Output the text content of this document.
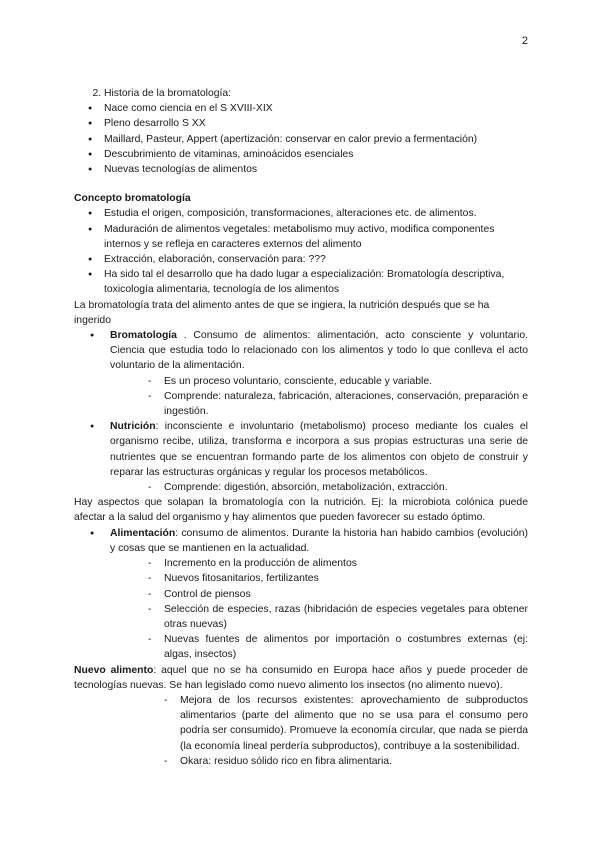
2
2. Historia de la bromatología:
● Nace como ciencia en el S XVIII-XIX
● Pleno desarrollo S XX
● Maillard, Pasteur, Appert (apertización: conservar en calor previo a fermentación)
● Descubrimiento de vitaminas, aminoácidos esenciales
● Nuevas tecnologías de alimentos

Concepto bromatología

● Estudia el origen, composición, transformaciones, alteraciones etc. de alimentos.
● Maduración de alimentos vegetales: metabolismo muy activo, modifica componentes internos y se refleja en caracteres externos del alimento
● Extracción, elaboración, conservación para: ???
● Ha sido tal el desarrollo que ha dado lugar a especialización: Bromatología descriptiva, toxicología alimentaria, tecnología de los alimentos

La bromatología trata del alimento antes de que se ingiera, la nutrición después que se ha ingerido

● Bromatología . Consumo de alimentos: alimentación, acto consciente y voluntario. Ciencia que estudia todo lo relacionado con los alimentos y todo lo que conlleva el acto voluntario de la alimentación.
- Es un proceso voluntario, consciente, educable y variable.
- Comprende: naturaleza, fabricación, alteraciones, conservación, preparación e ingestión.
● Nutrición: inconsciente e involuntario (metabolismo) proceso mediante los cuales el organismo recibe, utiliza, transforma e incorpora a sus propias estructuras una serie de nutrientes que se encuentran formando parte de los alimentos con objeto de construir y reparar las estructuras orgánicas y regular los procesos metabólicos.
- Comprende: digestión, absorción, metabolización, extracción.

Hay aspectos que solapan la bromatología con la nutrición. Ej: la microbiota colónica puede afectar a la salud del organismo y hay alimentos que pueden favorecer su estado óptimo.

● Alimentación: consumo de alimentos. Durante la historia han habido cambios (evolución) y cosas que se mantienen en la actualidad.
- Incremento en la producción de alimentos
- Nuevos fitosanitarios, fertilizantes
- Control de piensos
- Selección de especies, razas (hibridación de especies vegetales para obtener otras nuevas)
- Nuevas fuentes de alimentos por importación o costumbres externas (ej: algas, insectos)

Nuevo alimento: aquel que no se ha consumido en Europa hace años y puede proceder de tecnologías nuevas. Se han legislado como nuevo alimento los insectos (no alimento nuevo).

- Mejora de los recursos existentes: aprovechamiento de subproductos alimentarios (parte del alimento que no se usa para el consumo pero podría ser consumido). Promueve la economía circular, que nada se pierda (la economía lineal perdería subproductos), contribuye a la sostenibilidad.
- Okara: residuo sólido rico en fibra alimentaria.
